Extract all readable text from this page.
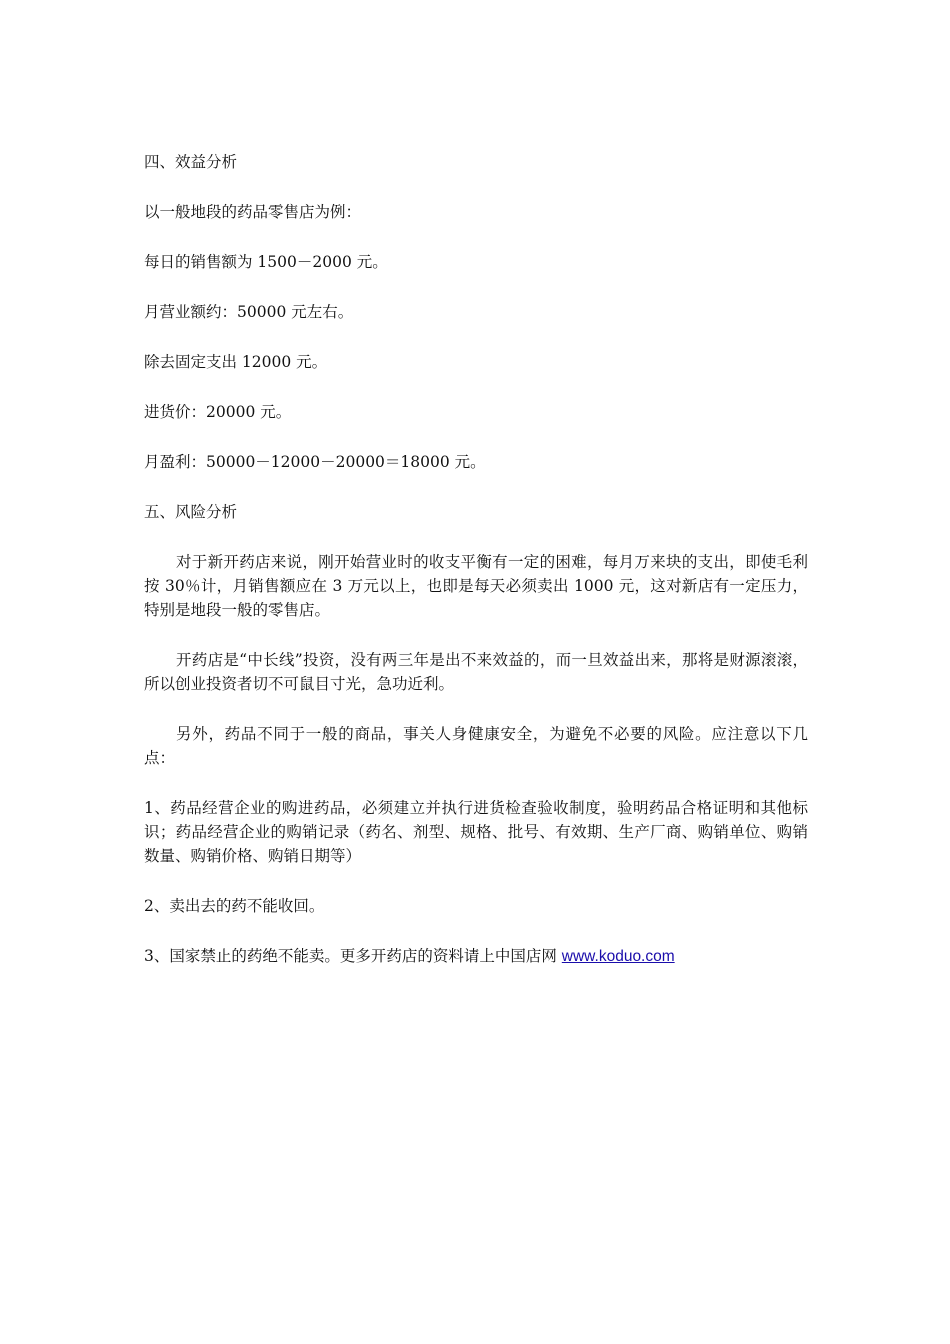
四、效益分析

以一般地段的药品零售店为例：

每日的销售额为 1500－2000 元。

月营业额约：50000 元左右。

除去固定支出 12000 元。

进货价：20000 元。

月盈利：50000－12000－20000＝18000 元。

五、风险分析

对于新开药店来说，刚开始营业时的收支平衡有一定的困难，每月万来块的支出，即使毛利按 30％计，月销售额应在 3 万元以上，也即是每天必须卖出 1000 元，这对新店有一定压力，特别是地段一般的零售店。

开药店是“中长线”投资，没有两三年是出不来效益的，而一旦效益出来，那将是财源滚滚，所以创业投资者切不可鼠目寸光，急功近利。

另外，药品不同于一般的商品，事关人身健康安全，为避免不必要的风险。应注意以下几点：

1、药品经营企业的购进药品，必须建立并执行进货检查验收制度，验明药品合格证明和其他标识；药品经营企业的购销记录（药名、剂型、规格、批号、有效期、生产厂商、购销单位、购销数量、购销价格、购销日期等）

2、卖出去的药不能收回。

3、国家禁止的药绝不能卖。更多开药店的资料请上中国店网 www.koduo.com
